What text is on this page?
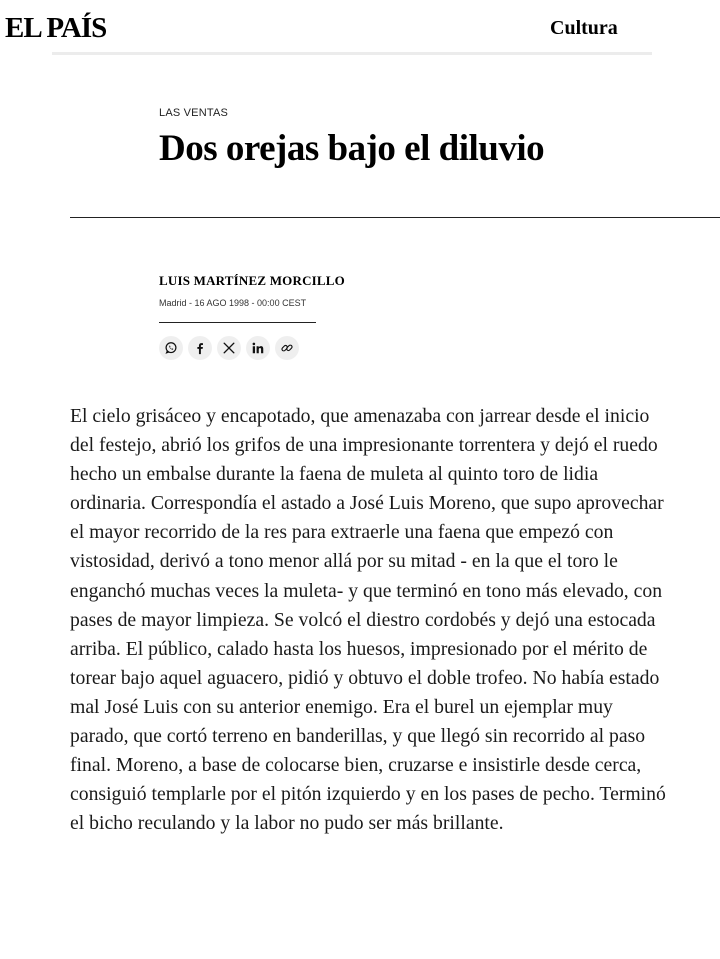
EL PAÍS	Cultura
LAS VENTAS
Dos orejas bajo el diluvio
LUIS MARTÍNEZ MORCILLO
Madrid - 16 AGO 1998 - 00:00 CEST

El cielo grisáceo y encapotado, que amenazaba con jarrear desde el inicio del festejo, abrió los grifos de una impresionante torrentera y dejó el ruedo hecho un embalse durante la faena de muleta al quinto toro de lidia ordinaria. Correspondía el astado a José Luis Moreno, que supo aprovechar el mayor recorrido de la res para extraerle una faena que empezó con vistosidad, derivó a tono menor allá por su mitad - en la que el toro le enganchó muchas veces la muleta- y que terminó en tono más elevado, con pases de mayor limpieza. Se volcó el diestro cordobés y dejó una estocada arriba. El público, calado hasta los huesos, impresionado por el mérito de torear bajo aquel aguacero, pidió y obtuvo el doble trofeo. No había estado mal José Luis con su anterior enemigo. Era el burel un ejemplar muy parado, que cortó terreno en banderillas, y que llegó sin recorrido al paso final. Moreno, a base de colocarse bien, cruzarse e insistirle desde cerca, consiguió templarle por el pitón izquierdo y en los pases de pecho. Terminó el bicho reculando y la labor no pudo ser más brillante.
